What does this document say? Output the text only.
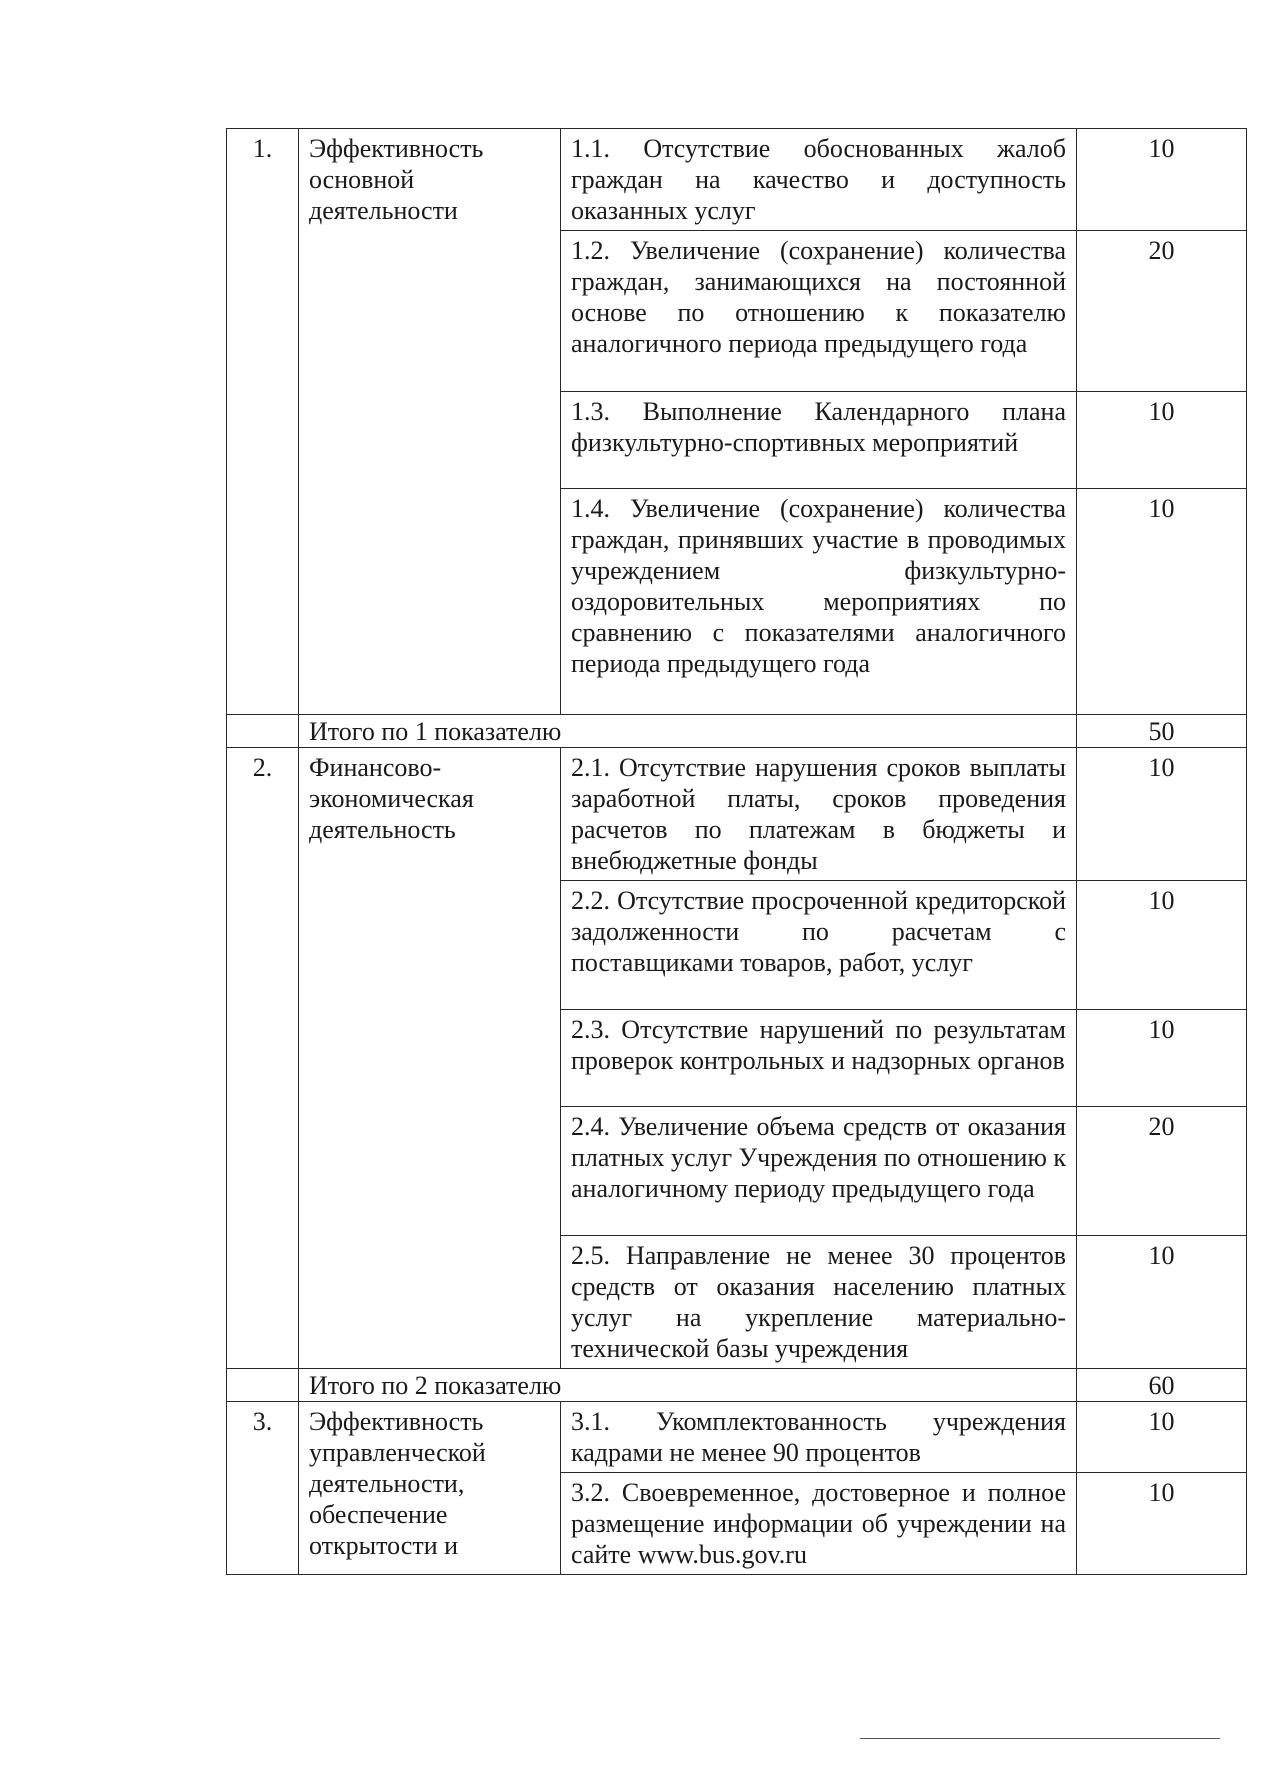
1.	Эффективность основной деятельности	1.1. Отсутствие обоснованных жалоб граждан на качество и доступность оказанных услуг	10
		1.2. Увеличение (сохранение) количества граждан, занимающихся на постоянной основе по отношению к показателю аналогичного периода предыдущего года	20
		1.3. Выполнение Календарного плана физкультурно-спортивных мероприятий	10
		1.4. Увеличение (сохранение) количества граждан, принявших участие в проводимых учреждением физкультурно-оздоровительных мероприятиях по сравнению с показателями аналогичного периода предыдущего года	10
	Итого по 1 показателю		50
2.	Финансово-экономическая деятельность	2.1. Отсутствие нарушения сроков выплаты заработной платы, сроков проведения расчетов по платежам в бюджеты и внебюджетные фонды	10
		2.2. Отсутствие просроченной кредиторской задолженности по расчетам с поставщиками товаров, работ, услуг	10
		2.3. Отсутствие нарушений по результатам проверок контрольных и надзорных органов	10
		2.4. Увеличение объема средств от оказания платных услуг Учреждения по отношению к аналогичному периоду предыдущего года	20
		2.5. Направление не менее 30 процентов средств от оказания населению платных услуг на укрепление материально-технической базы учреждения	10
	Итого по 2 показателю		60
3.	Эффективность управленческой деятельности, обеспечение открытости и	3.1. Укомплектованность учреждения кадрами не менее 90 процентов	10
		3.2. Своевременное, достоверное и полное размещение информации об учреждении на сайте www.bus.gov.ru	10
